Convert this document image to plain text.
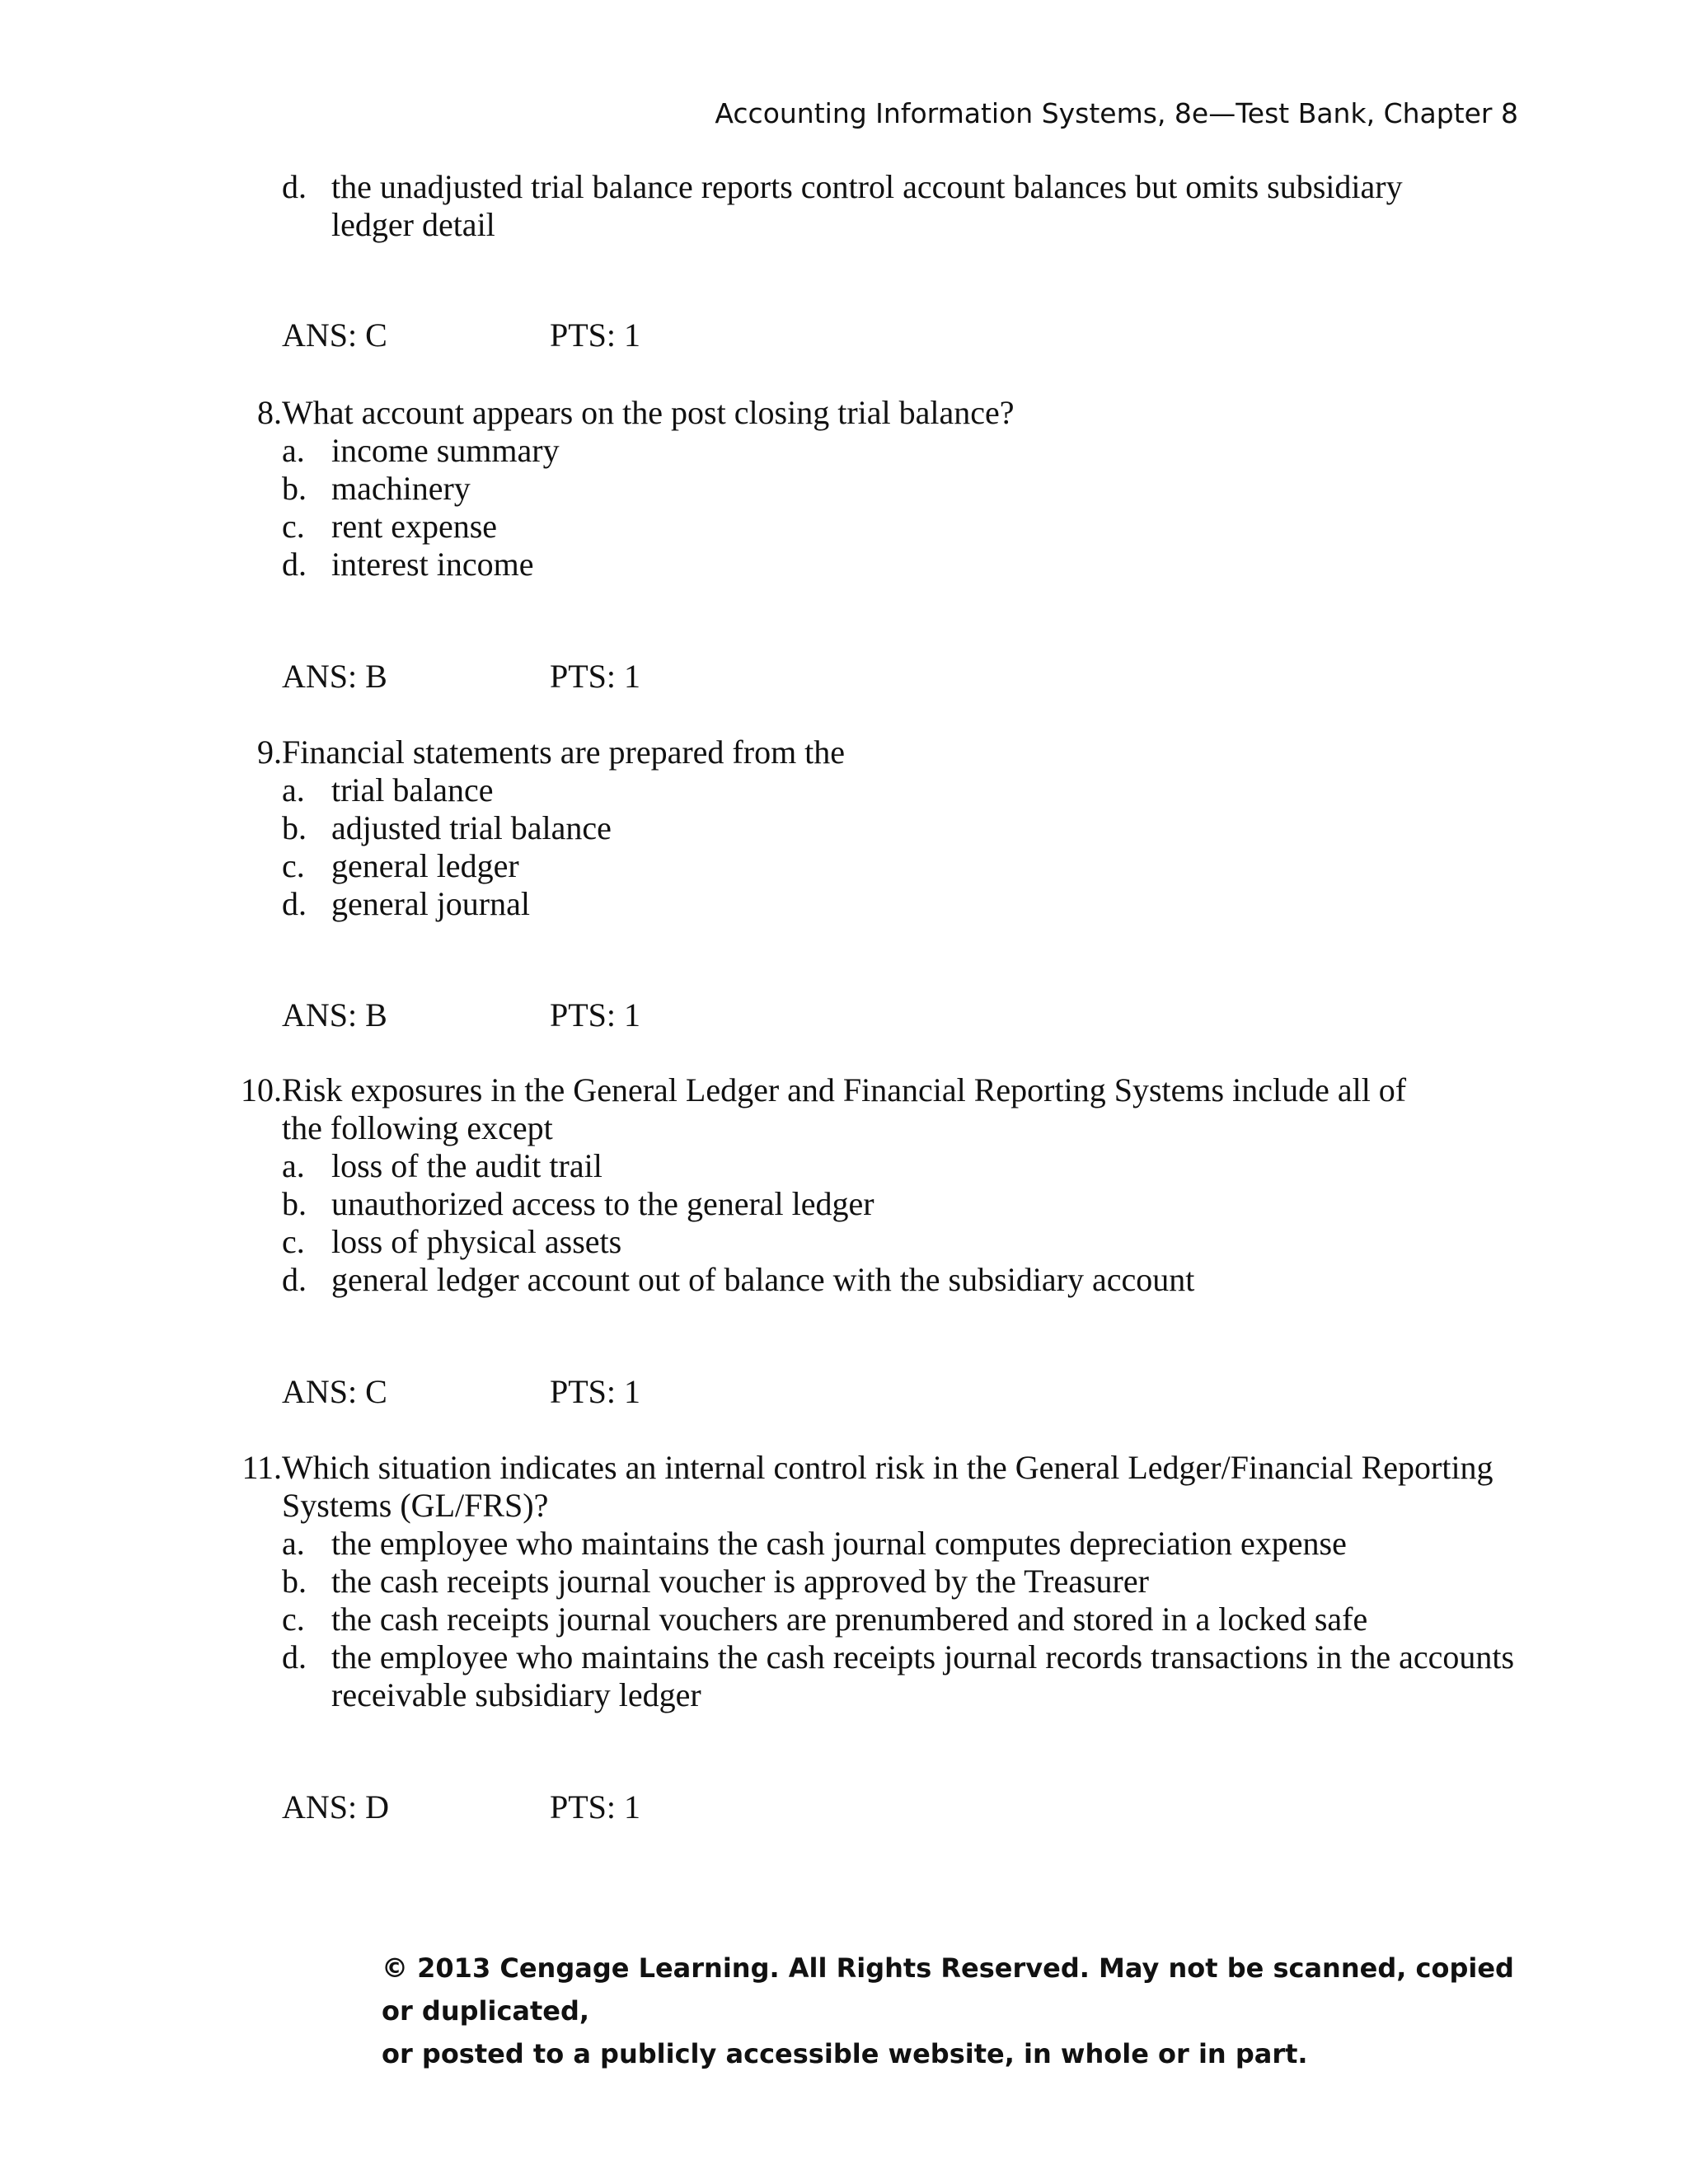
Accounting Information Systems, 8e—Test Bank, Chapter 8
d. the unadjusted trial balance reports control account balances but omits subsidiary ledger detail
ANS: C	PTS: 1
8. What account appears on the post closing trial balance?
a. income summary
b. machinery
c. rent expense
d. interest income
ANS: B	PTS: 1
9. Financial statements are prepared from the
a. trial balance
b. adjusted trial balance
c. general ledger
d. general journal
ANS: B	PTS: 1
10. Risk exposures in the General Ledger and Financial Reporting Systems include all of the following except
a. loss of the audit trail
b. unauthorized access to the general ledger
c. loss of physical assets
d. general ledger account out of balance with the subsidiary account
ANS: C	PTS: 1
11. Which situation indicates an internal control risk in the General Ledger/Financial Reporting Systems (GL/FRS)?
a. the employee who maintains the cash journal computes depreciation expense
b. the cash receipts journal voucher is approved by the Treasurer
c. the cash receipts journal vouchers are prenumbered and stored in a locked safe
d. the employee who maintains the cash receipts journal records transactions in the accounts receivable subsidiary ledger
ANS: D	PTS: 1
© 2013 Cengage Learning. All Rights Reserved. May not be scanned, copied or duplicated,
or posted to a publicly accessible website, in whole or in part.
